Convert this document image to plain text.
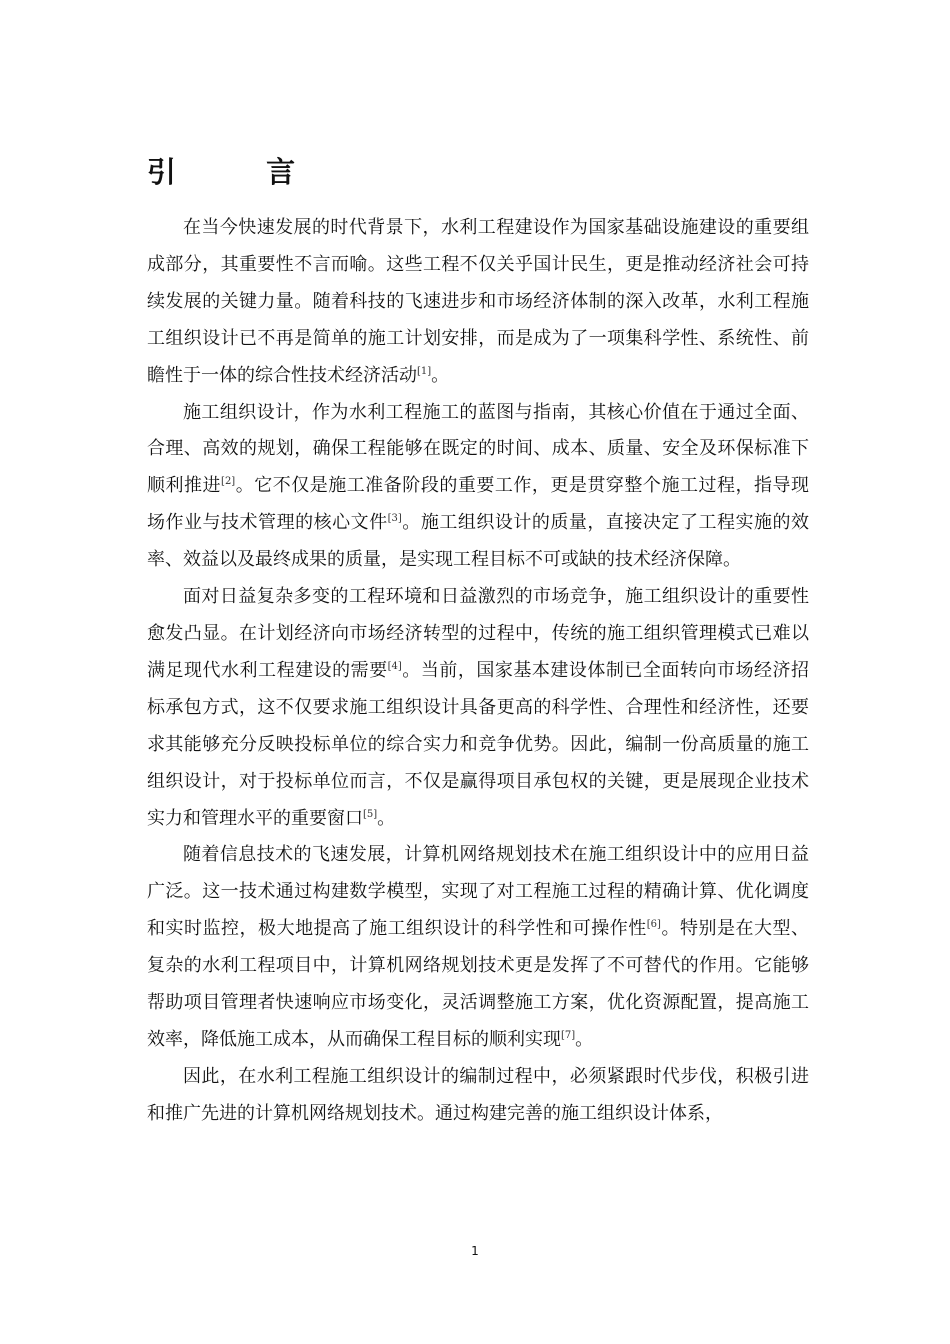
引 言

在当今快速发展的时代背景下，水利工程建设作为国家基础设施建设的重要组成部分，其重要性不言而喻。这些工程不仅关乎国计民生，更是推动经济社会可持续发展的关键力量。随着科技的飞速进步和市场经济体制的深入改革，水利工程施工组织设计已不再是简单的施工计划安排，而是成为了一项集科学性、系统性、前瞻性于一体的综合性技术经济活动[1]。

施工组织设计，作为水利工程施工的蓝图与指南，其核心价值在于通过全面、合理、高效的规划，确保工程能够在既定的时间、成本、质量、安全及环保标准下顺利推进[2]。它不仅是施工准备阶段的重要工作，更是贯穿整个施工过程，指导现场作业与技术管理的核心文件[3]。施工组织设计的质量，直接决定了工程实施的效率、效益以及最终成果的质量，是实现工程目标不可或缺的技术经济保障。

面对日益复杂多变的工程环境和日益激烈的市场竞争，施工组织设计的重要性愈发凸显。在计划经济向市场经济转型的过程中，传统的施工组织管理模式已难以满足现代水利工程建设的需要[4]。当前，国家基本建设体制已全面转向市场经济招标承包方式，这不仅要求施工组织设计具备更高的科学性、合理性和经济性，还要求其能够充分反映投标单位的综合实力和竞争优势。因此，编制一份高质量的施工组织设计，对于投标单位而言，不仅是赢得项目承包权的关键，更是展现企业技术实力和管理水平的重要窗口[5]。

随着信息技术的飞速发展，计算机网络规划技术在施工组织设计中的应用日益广泛。这一技术通过构建数学模型，实现了对工程施工过程的精确计算、优化调度和实时监控，极大地提高了施工组织设计的科学性和可操作性[6]。特别是在大型、复杂的水利工程项目中，计算机网络规划技术更是发挥了不可替代的作用。它能够帮助项目管理者快速响应市场变化，灵活调整施工方案，优化资源配置，提高施工效率，降低施工成本，从而确保工程目标的顺利实现[7]。

因此，在水利工程施工组织设计的编制过程中，必须紧跟时代步伐，积极引进和推广先进的计算机网络规划技术。通过构建完善的施工组织设计体系，

1
